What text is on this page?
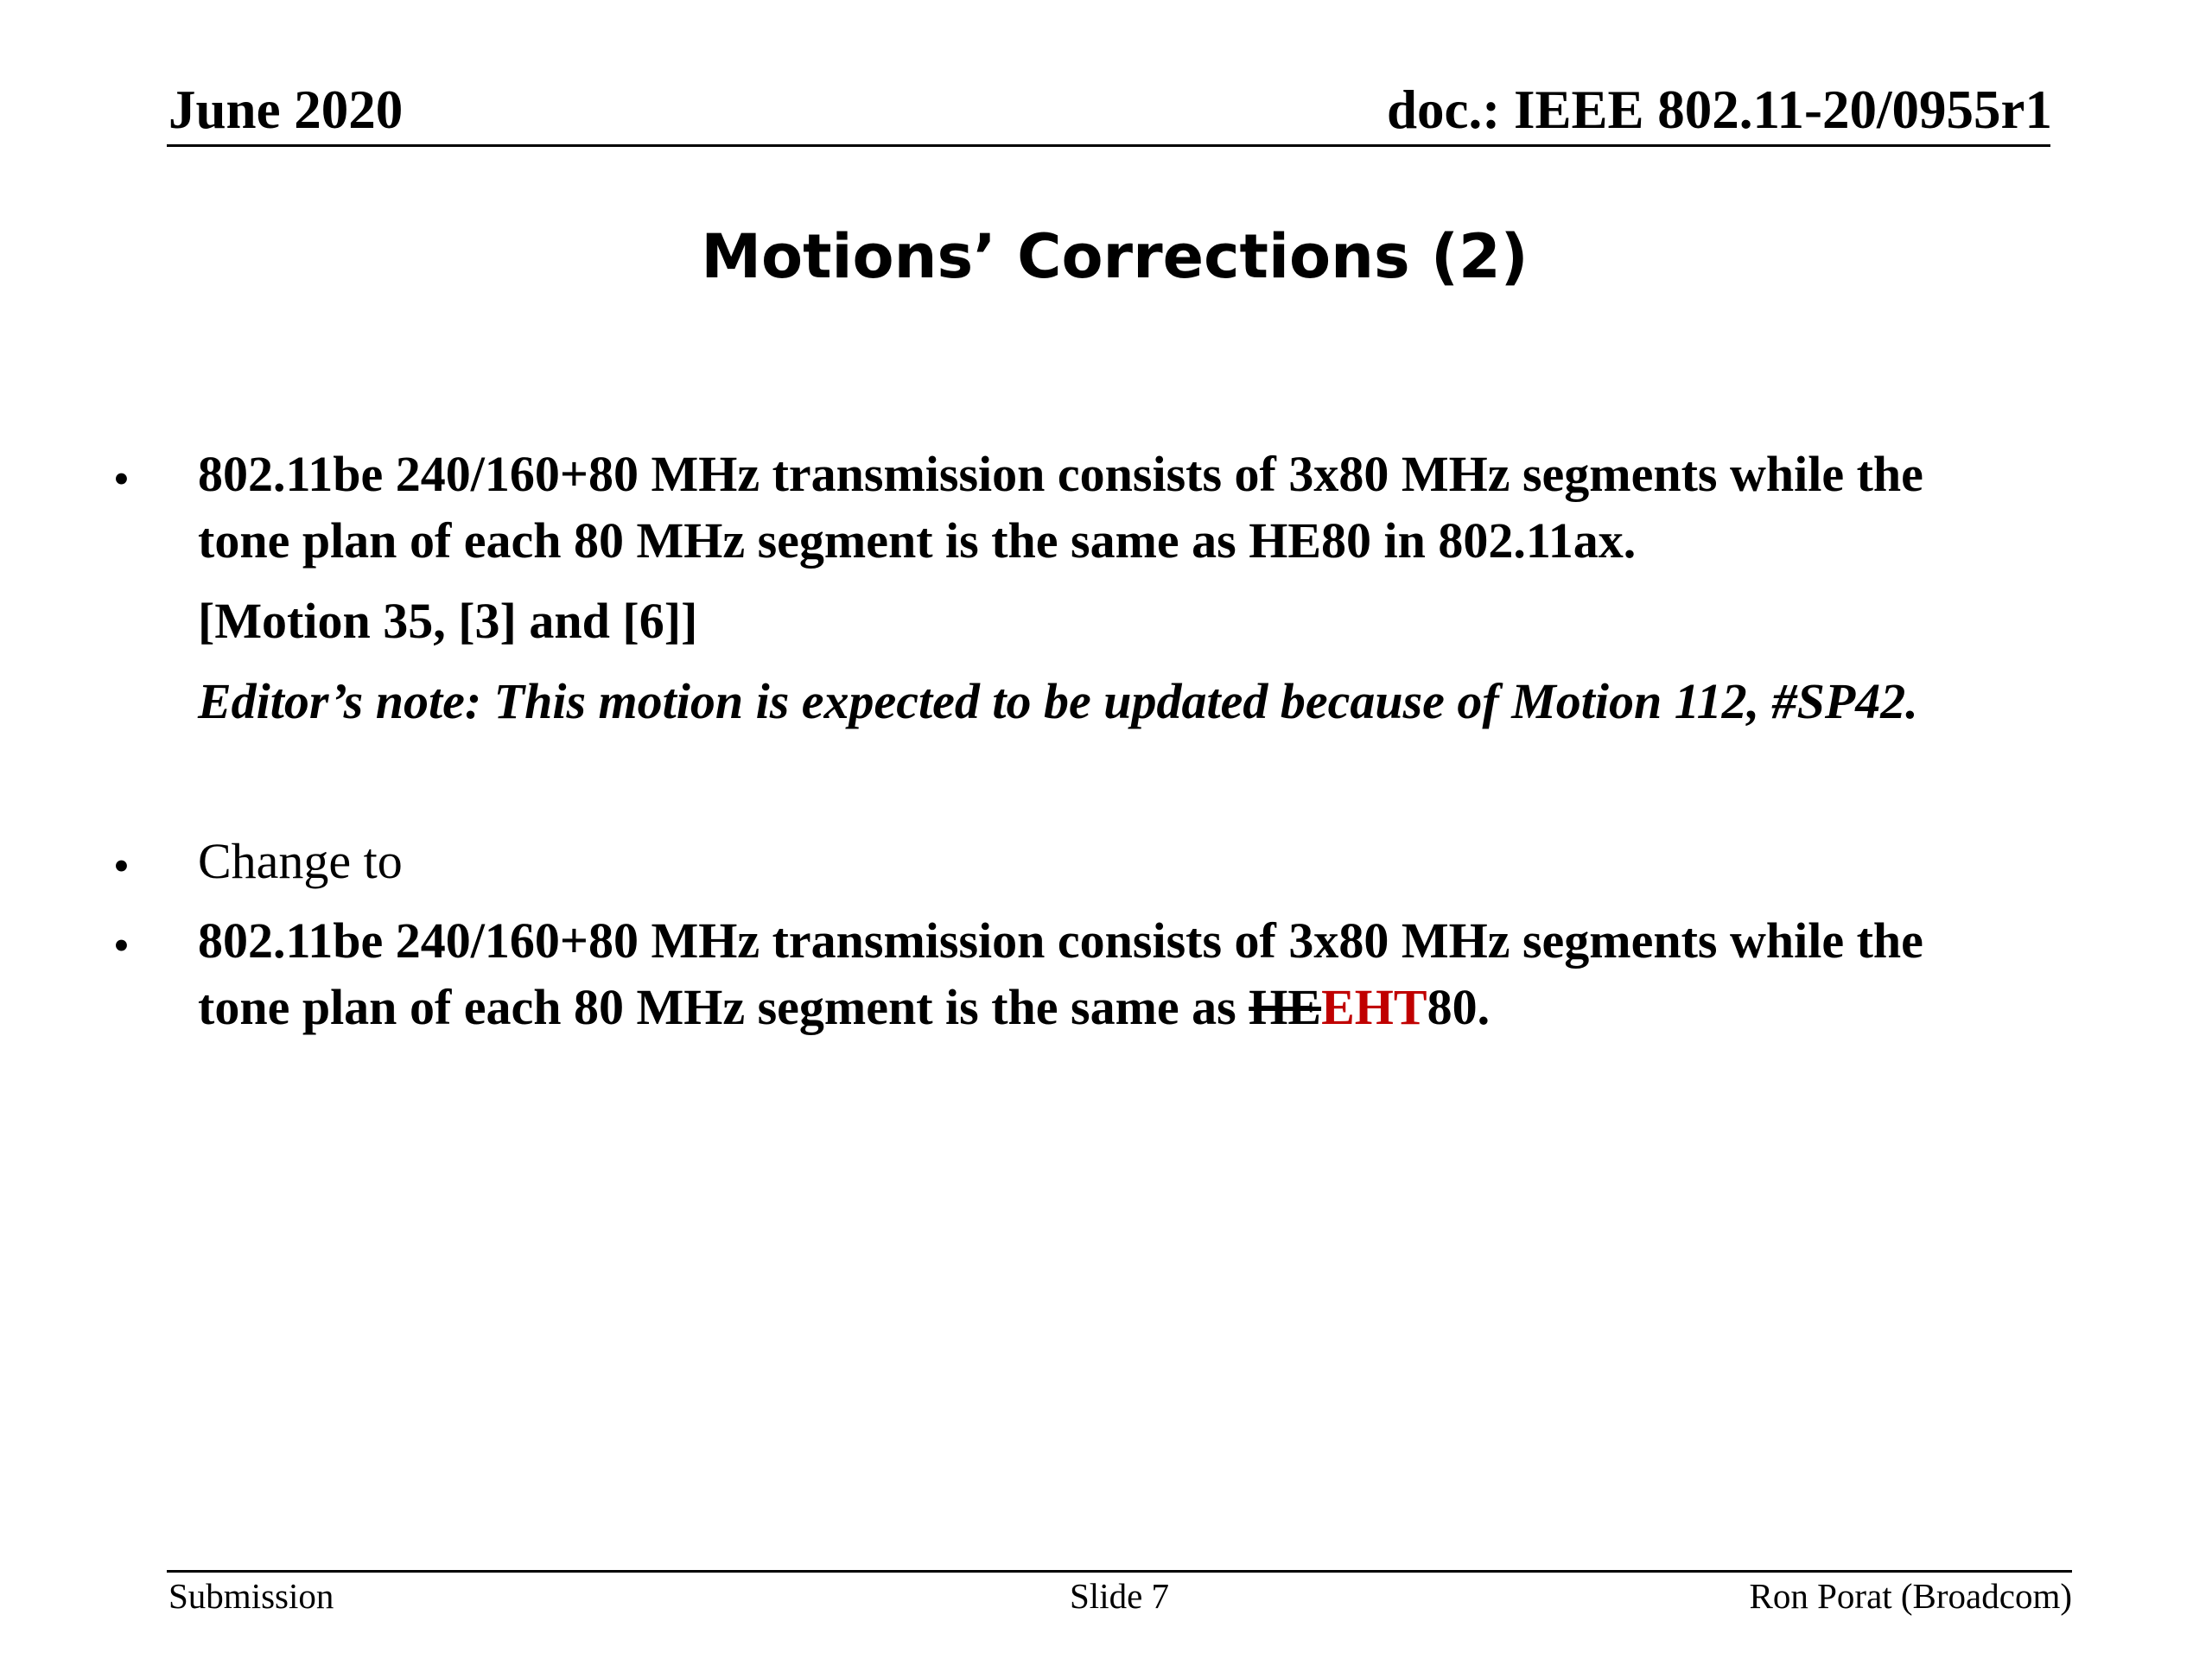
June 2020	doc.: IEEE 802.11-20/0955r1
Motions’ Corrections (2)
• 802.11be 240/160+80 MHz transmission consists of 3x80 MHz segments while the
tone plan of each 80 MHz segment is the same as HE80 in 802.11ax.
[Motion 35, [3] and [6]]
Editor’s note: This motion is expected to be updated because of Motion 112, #SP42.
• Change to
• 802.11be 240/160+80 MHz transmission consists of 3x80 MHz segments while the
tone plan of each 80 MHz segment is the same as HEEHT80.
Submission	Slide 7	Ron Porat (Broadcom)
